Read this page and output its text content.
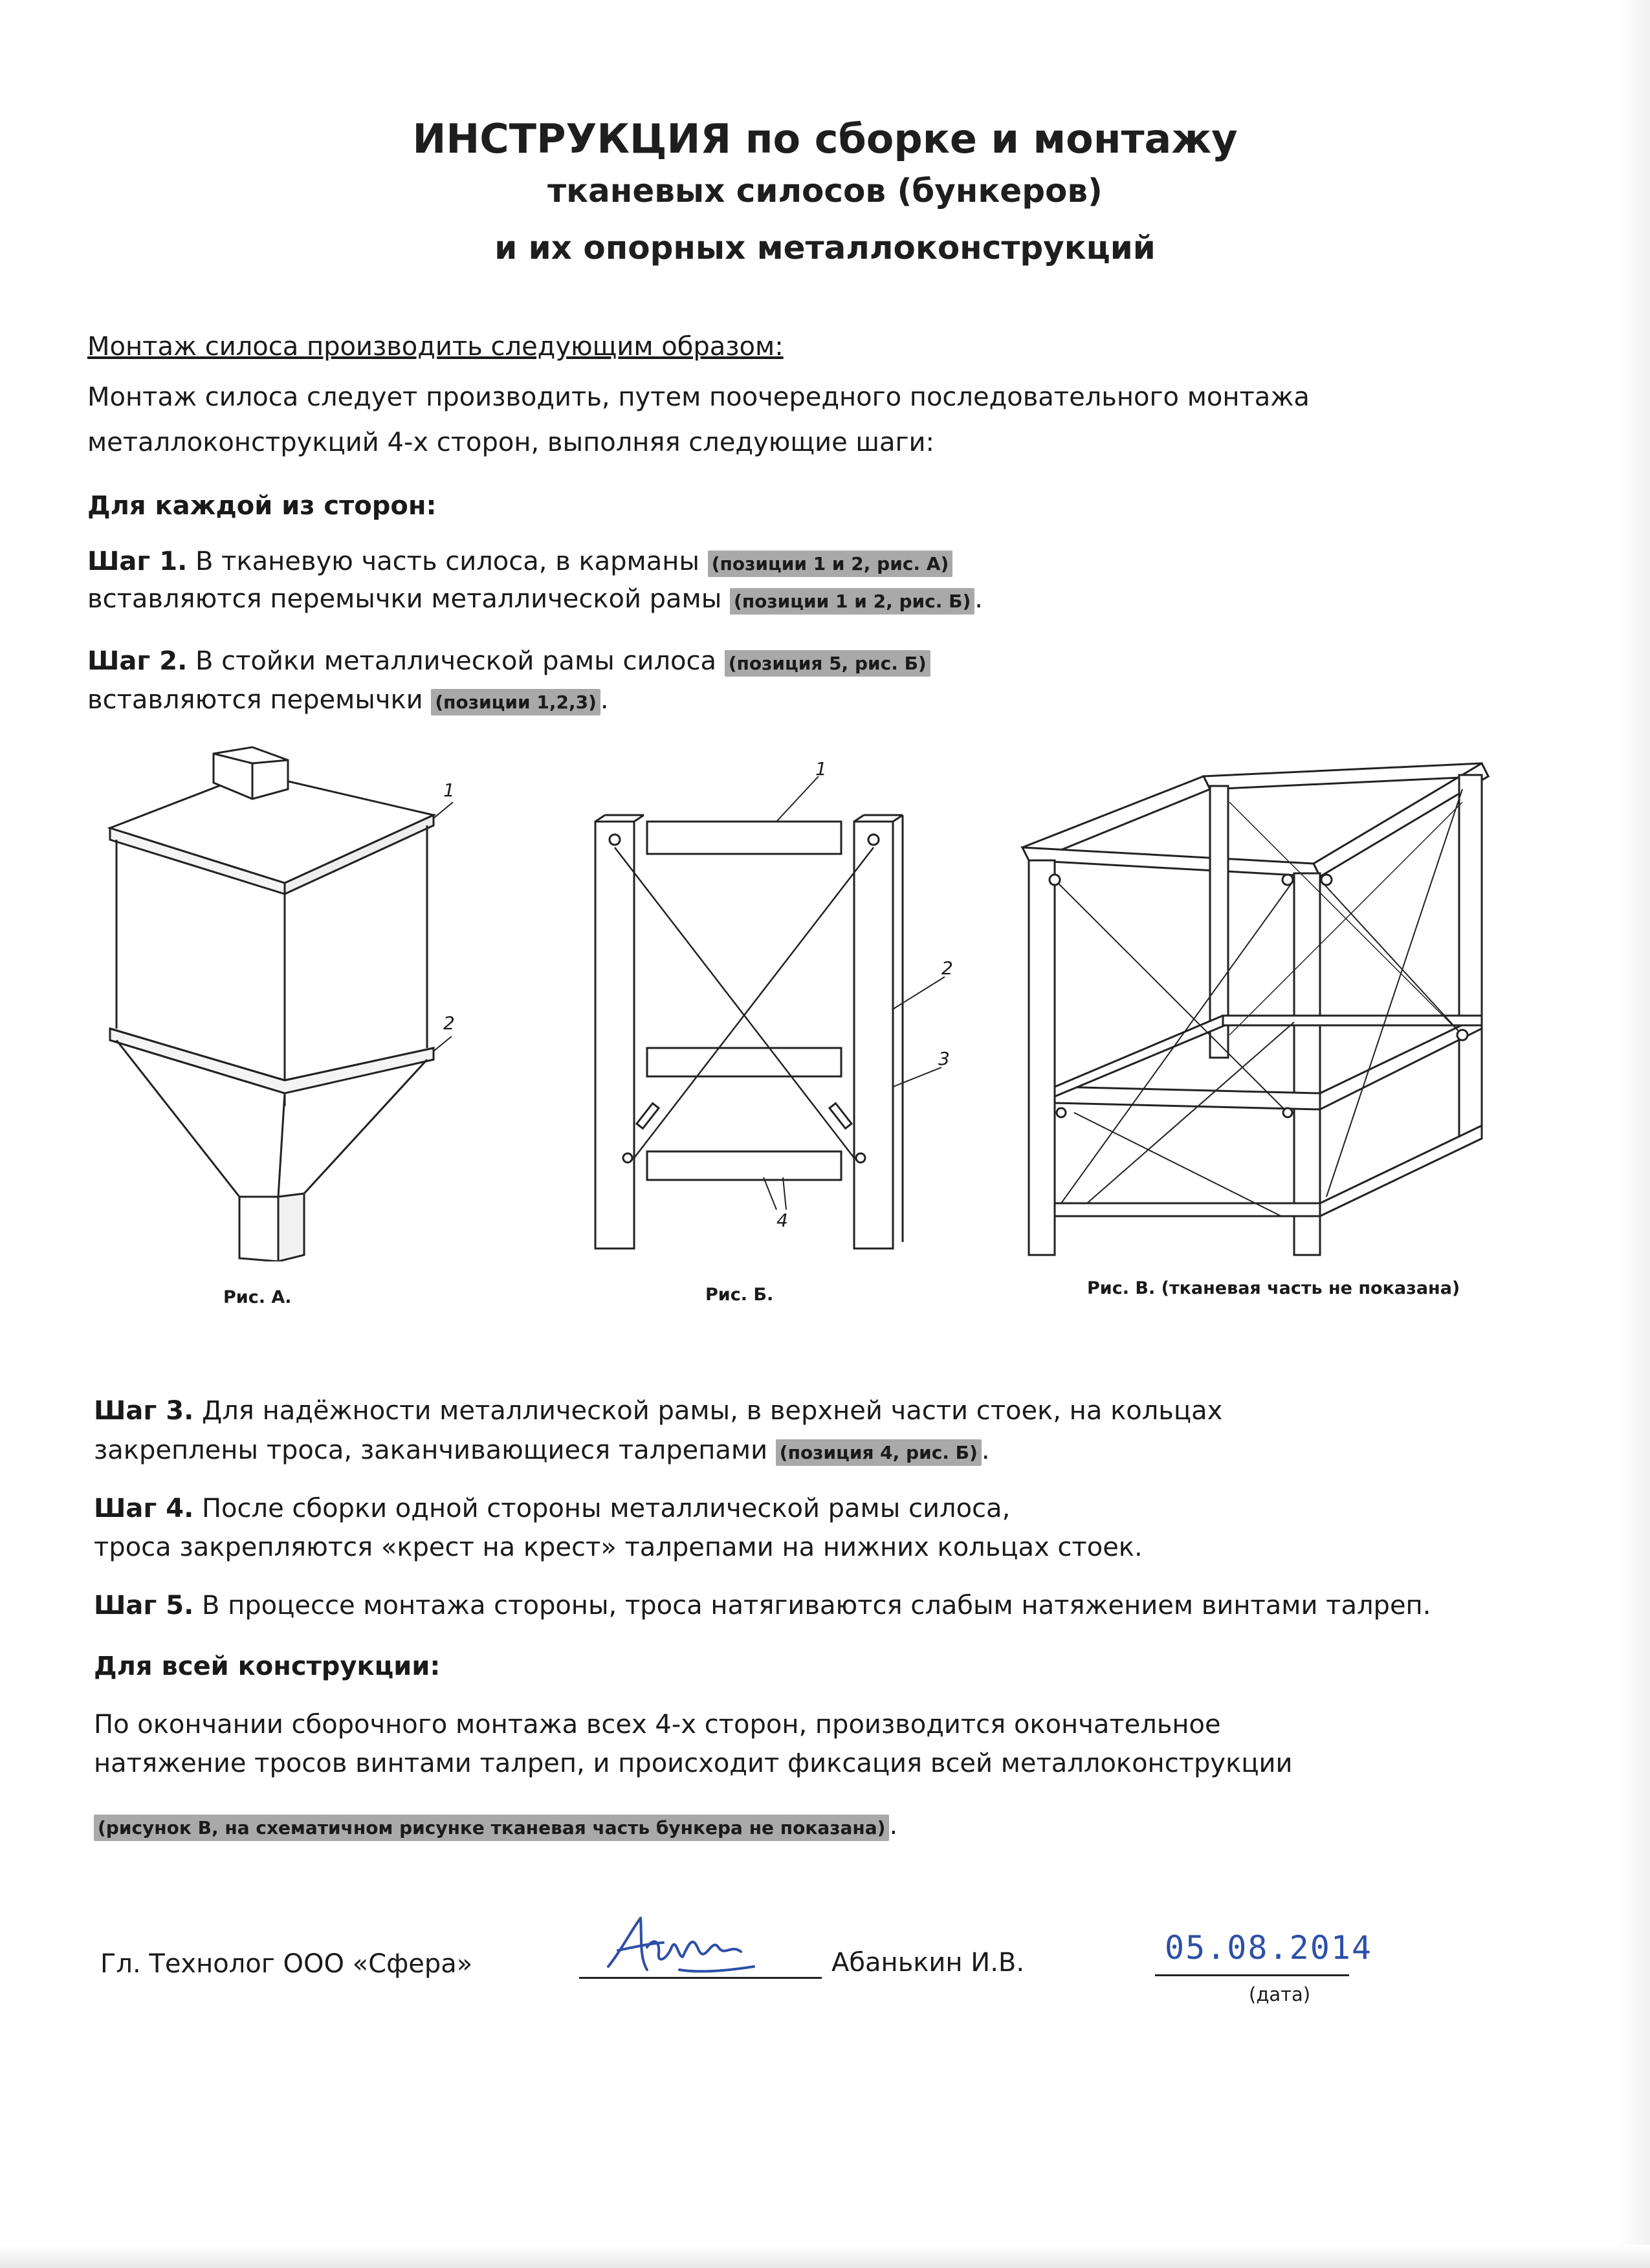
ИНСТРУКЦИЯ по сборке и монтажу
тканевых силосов (бункеров)
и их опорных металлоконструкций
Монтаж силоса производить следующим образом:
Монтаж силоса следует производить, путем поочередного последовательного монтажа
металлоконструкций 4-х сторон, выполняя следующие шаги:
Для каждой из сторон:
Шаг 1. В тканевую часть силоса, в карманы (позиции 1 и 2, рис. А)
вставляются перемычки металлической рамы (позиции 1 и 2, рис. Б) .
Шаг 2. В стойки металлической рамы силоса (позиция 5, рис. Б)
вставляются перемычки (позиции 1,2,3) .
1
2
1
2
3
4
Рис. А.	Рис. Б.	Рис. В. (тканевая часть не показана)
Шаг 3. Для надёжности металлической рамы, в верхней части стоек, на кольцах
закреплены троса, заканчивающиеся талрепами (позиция 4, рис. Б) .
Шаг 4. После сборки одной стороны металлической рамы силоса,
троса закрепляются «крест на крест» талрепами на нижних кольцах стоек.
Шаг 5. В процессе монтажа стороны, троса натягиваются слабым натяжением винтами талреп.
Для всей конструкции:
По окончании сборочного монтажа всех 4-х сторон, производится окончательное
натяжение тросов винтами талреп, и происходит фиксация всей металлоконструкции
(рисунок В, на схематичном рисунке тканевая часть бункера не показана) .
Гл. Технолог ООО «Сфера»	Абанькин И.В.	05.08.2014
(дата)
